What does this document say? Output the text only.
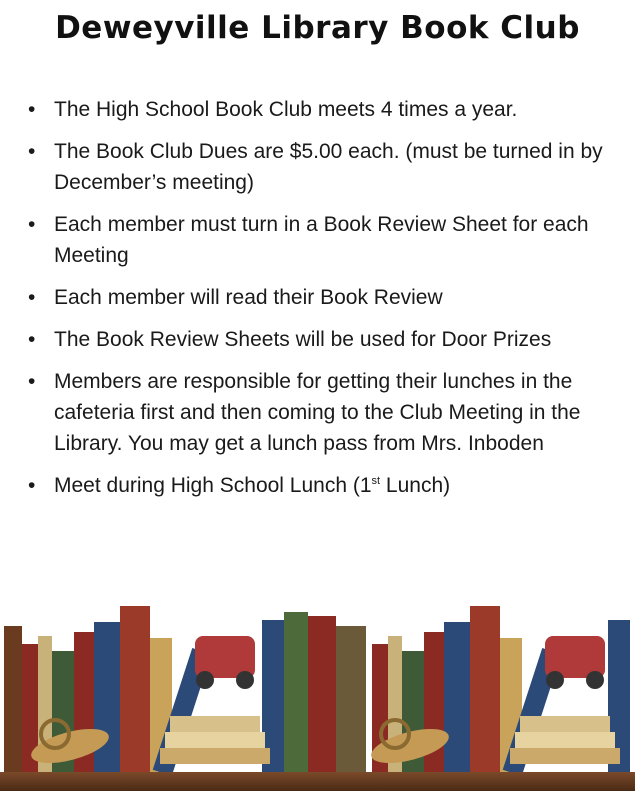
Deweyville Library Book Club
• The High School Book Club meets 4 times a year.
• The Book Club Dues are $5.00 each. (must be turned in by December’s meeting)
• Each member must turn in a Book Review Sheet for each Meeting
• Each member will read their Book Review
• The Book Review Sheets will be used for Door Prizes
• Members are responsible for getting their lunches in the cafeteria first and then coming to the Club Meeting in the Library. You may get a lunch pass from Mrs. Inboden
• Meet during High School Lunch (1st Lunch)
